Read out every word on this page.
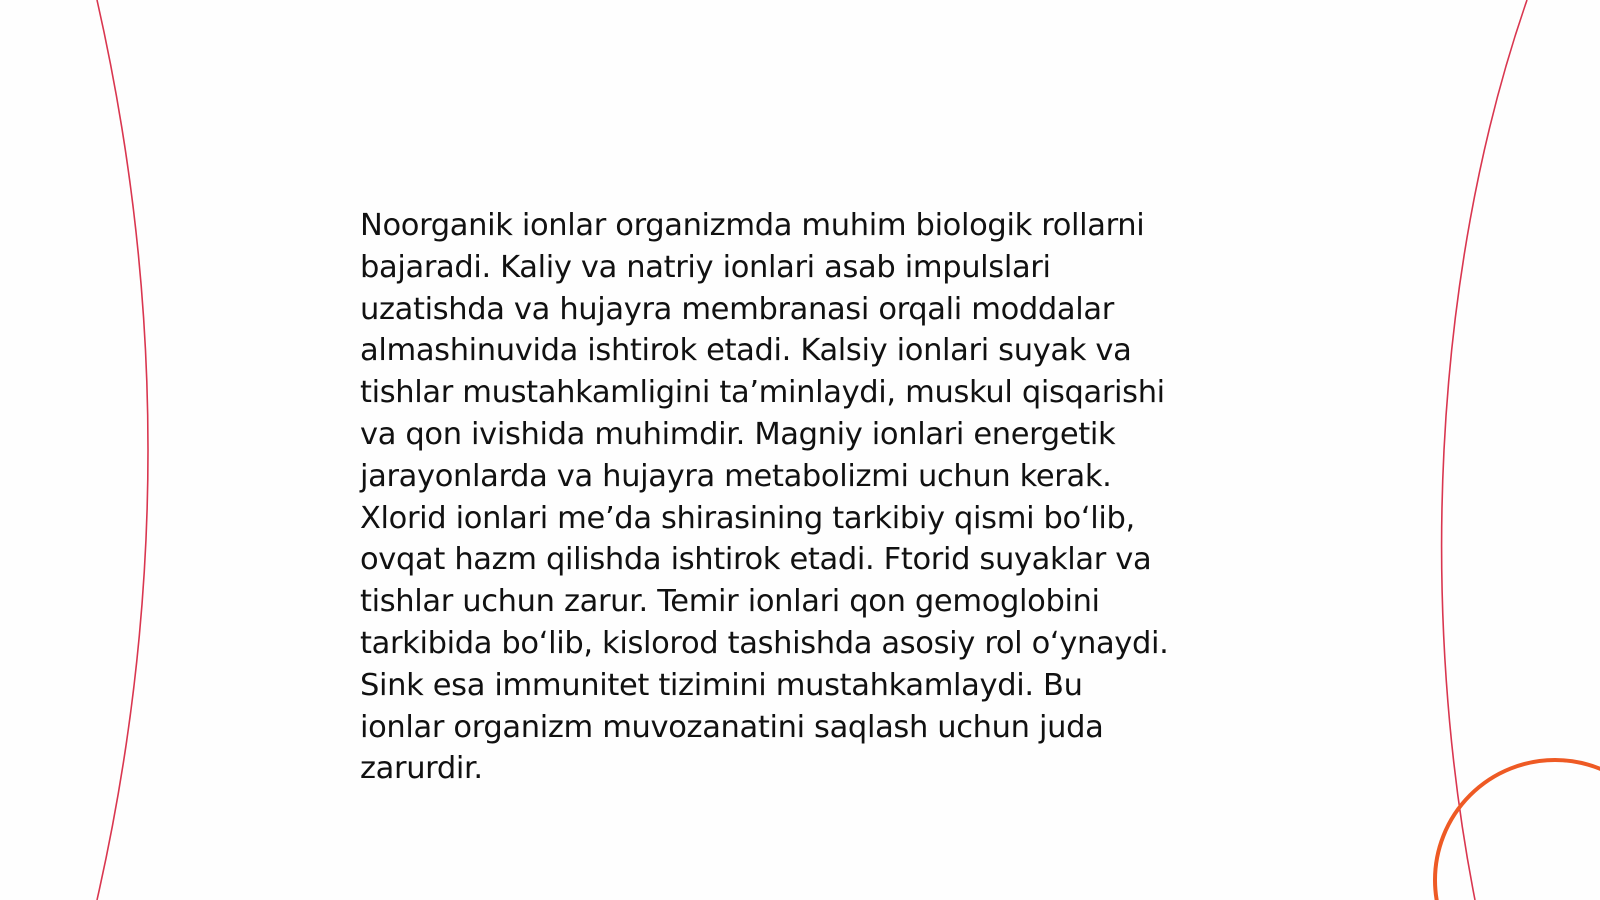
Noorganik ionlar organizmda muhim biologik rollarni
bajaradi. Kaliy va natriy ionlari asab impulslari
uzatishda va hujayra membranasi orqali moddalar
almashinuvida ishtirok etadi. Kalsiy ionlari suyak va
tishlar mustahkamligini ta’minlaydi, muskul qisqarishi
va qon ivishida muhimdir. Magniy ionlari energetik
jarayonlarda va hujayra metabolizmi uchun kerak.
Xlorid ionlari me’da shirasining tarkibiy qismi bo‘lib,
ovqat hazm qilishda ishtirok etadi. Ftorid suyaklar va
tishlar uchun zarur. Temir ionlari qon gemoglobini
tarkibida bo‘lib, kislorod tashishda asosiy rol o‘ynaydi.
Sink esa immunitet tizimini mustahkamlaydi. Bu
ionlar organizm muvozanatini saqlash uchun juda
zarurdir.
